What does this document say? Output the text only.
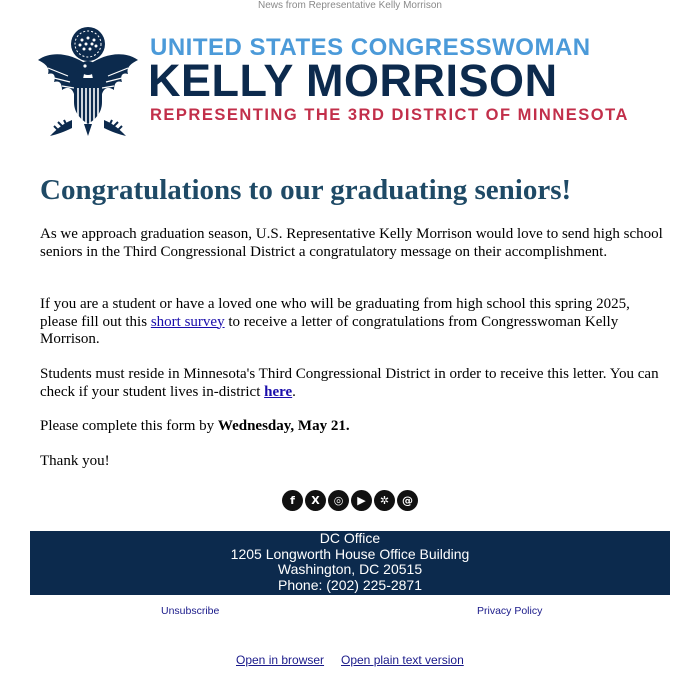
News from Representative Kelly Morrison
UNITED STATES CONGRESSWOMAN
KELLY MORRISON
REPRESENTING THE 3RD DISTRICT OF MINNESOTA
Congratulations to our graduating seniors!

As we approach graduation season, U.S. Representative Kelly Morrison would love to send high school seniors in the Third Congressional District a congratulatory message on their accomplishment.

If you are a student or have a loved one who will be graduating from high school this spring 2025, please fill out this short survey to receive a letter of congratulations from Congresswoman Kelly Morrison.

Students must reside in Minnesota's Third Congressional District in order to receive this letter. You can check if your student lives in-district here.

Please complete this form by Wednesday, May 21.

Thank you!

f X ◎ ▶ ✲ @
DC Office
1205 Longworth House Office Building
Washington, DC 20515
Phone: (202) 225-2871
Unsubscribe	Privacy Policy
Open in browser Open plain text version
